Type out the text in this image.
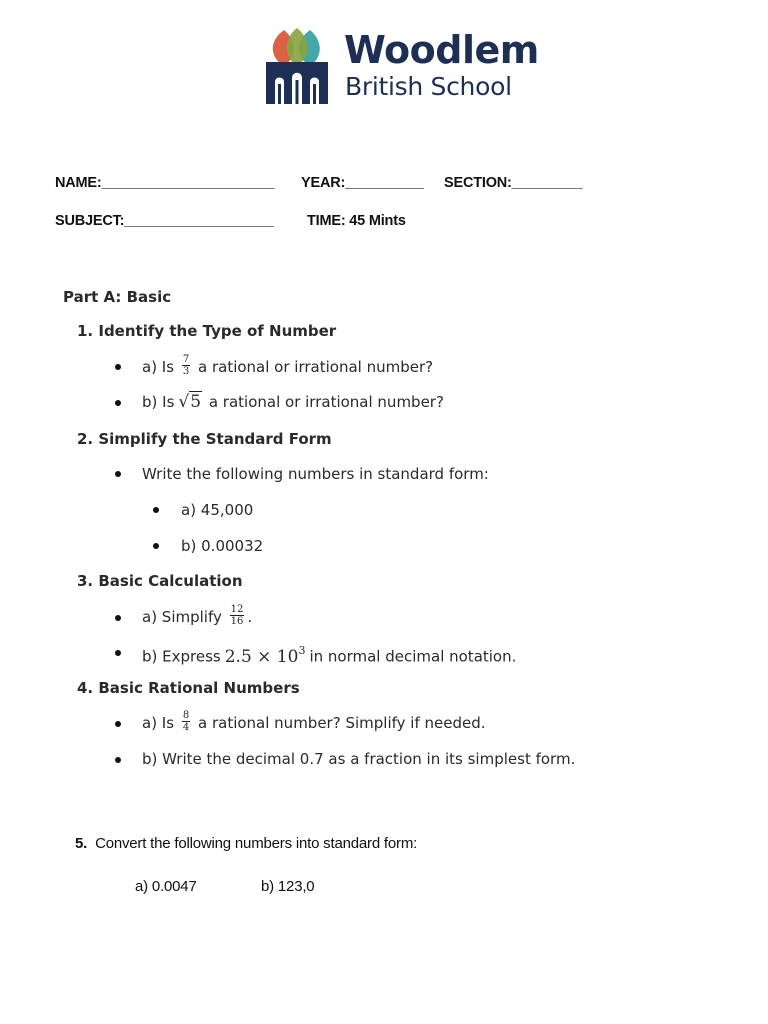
Woodlem
British School
NAME:______________________ YEAR:__________ SECTION:_________
SUBJECT:___________________ TIME: 45 Mints
Part A: Basic
1. Identify the Type of Number
a) Is $\frac{7}{3}$ a rational or irrational number?
b) Is √5 a rational or irrational number?
2. Simplify the Standard Form
Write the following numbers in standard form:
a) 45,000
b) 0.00032
3. Basic Calculation
a) Simplify $\frac{12}{16}$ .
b) Express $2.5 \times 10^3$ in normal decimal notation.
4. Basic Rational Numbers
a) Is $\frac{8}{4}$ a rational number? Simplify if needed.
b) Write the decimal 0.7 as a fraction in its simplest form.
5. Convert the following numbers into standard form:
a) 0.0047	b) 123,0
